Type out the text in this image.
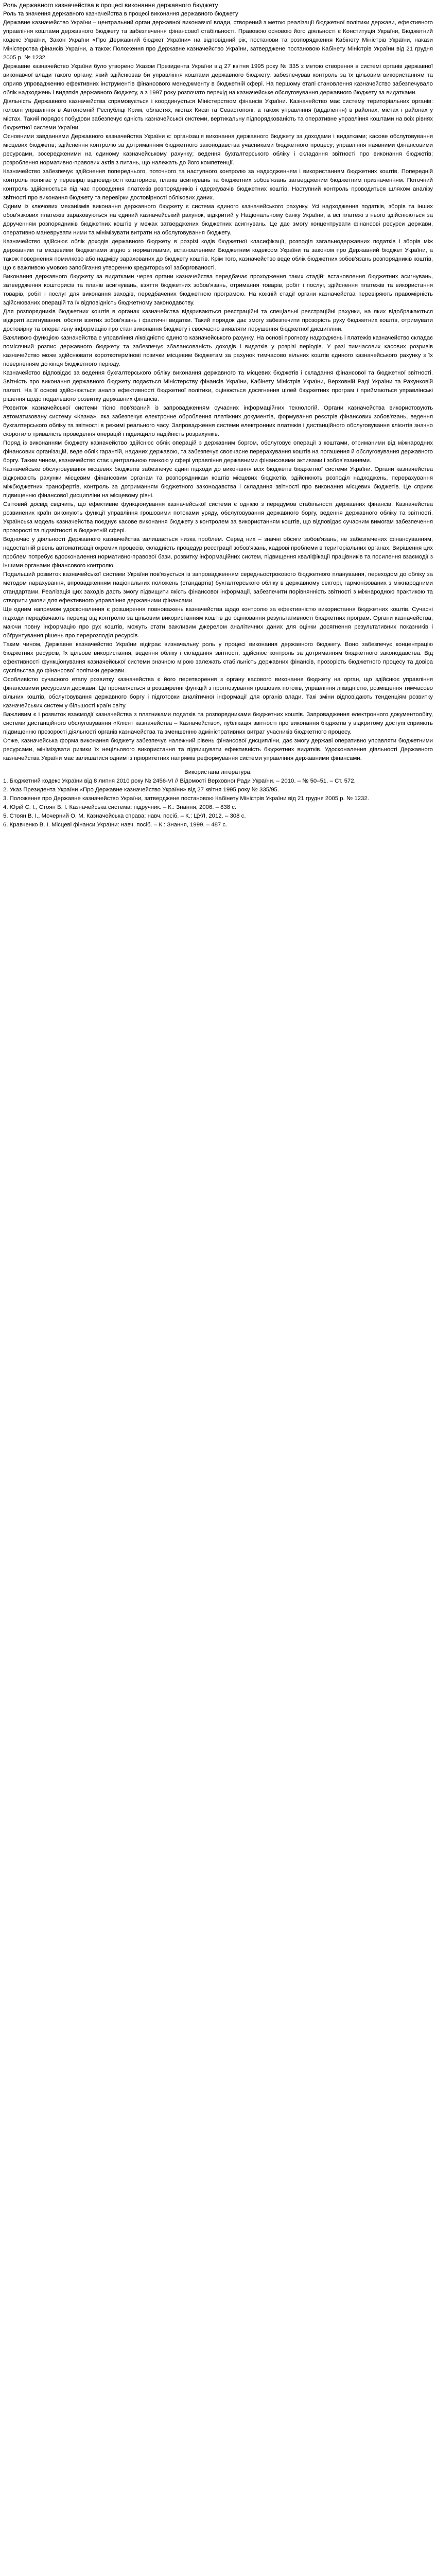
Роль державного казначейства в процесі виконання державного бюджету

Роль та значення державного казначейства в процесі виконання державного бюджету

Державне казначейство України – центральний орган державної виконавчої влади, створений з метою реалізації бюджетної політики держави, ефективного управління коштами державного бюджету та забезпечення фінансової стабільності. Правовою основою його діяльності є Конституція України, Бюджетний кодекс України, Закон України «Про Державний бюджет України» на відповідний рік, постанови та розпорядження Кабінету Міністрів України, накази Міністерства фінансів України, а також Положення про Державне казначейство України, затверджене постановою Кабінету Міністрів України від 21 грудня 2005 р. № 1232.

Державне казначейство України було утворено Указом Президента України від 27 квітня 1995 року № 335 з метою створення в системі органів державної виконавчої влади такого органу, який здійснював би управління коштами державного бюджету, забезпечував контроль за їх цільовим використанням та сприяв упровадженню ефективних інструментів фінансового менеджменту в бюджетній сфері. На першому етапі становлення казначейство забезпечувало облік надходжень і видатків державного бюджету, а з 1997 року розпочато перехід на казначейське обслуговування державного бюджету за видатками.

Діяльність Державного казначейства спрямовується і координується Міністерством фінансів України. Казначейство має систему територіальних органів: головні управління в Автономній Республіці Крим, областях, містах Києві та Севастополі, а також управління (відділення) в районах, містах і районах у містах. Такий порядок побудови забезпечує єдність казначейської системи, вертикальну підпорядкованість та оперативне управління коштами на всіх рівнях бюджетної системи України.

Основними завданнями Державного казначейства України є: організація виконання державного бюджету за доходами і видатками; касове обслуговування місцевих бюджетів; здійснення контролю за дотриманням бюджетного законодавства учасниками бюджетного процесу; управління наявними фінансовими ресурсами, зосередженими на єдиному казначейському рахунку; ведення бухгалтерського обліку і складання звітності про виконання бюджетів; розроблення нормативно-правових актів з питань, що належать до його компетенції.

Казначейство забезпечує здійснення попереднього, поточного та наступного контролю за надходженням і використанням бюджетних коштів. Попередній контроль полягає у перевірці відповідності кошторисів, планів асигнувань та бюджетних зобов'язань затвердженим бюджетним призначенням. Поточний контроль здійснюється під час проведення платежів розпорядників і одержувачів бюджетних коштів. Наступний контроль проводиться шляхом аналізу звітності про виконання бюджету та перевірки достовірності облікових даних.

Одним із ключових механізмів виконання державного бюджету є система єдиного казначейського рахунку. Усі надходження податків, зборів та інших обов'язкових платежів зараховуються на єдиний казначейський рахунок, відкритий у Національному банку України, а всі платежі з нього здійснюються за дорученням розпорядників бюджетних коштів у межах затверджених бюджетних асигнувань. Це дає змогу концентрувати фінансові ресурси держави, оперативно маневрувати ними та мінімізувати витрати на обслуговування бюджету.

Казначейство здійснює облік доходів державного бюджету в розрізі кодів бюджетної класифікації, розподіл загальнодержавних податків і зборів між державним та місцевими бюджетами згідно з нормативами, встановленими Бюджетним кодексом України та законом про Державний бюджет України, а також повернення помилково або надміру зарахованих до бюджету коштів. Крім того, казначейство веде облік бюджетних зобов'язань розпорядників коштів, що є важливою умовою запобігання утворенню кредиторської заборгованості.

Виконання державного бюджету за видатками через органи казначейства передбачає проходження таких стадій: встановлення бюджетних асигнувань, затвердження кошторисів та планів асигнувань, взяття бюджетних зобов'язань, отримання товарів, робіт і послуг, здійснення платежів та використання товарів, робіт і послуг для виконання заходів, передбачених бюджетною програмою. На кожній стадії органи казначейства перевіряють правомірність здійснюваних операцій та їх відповідність бюджетному законодавству.

Для розпорядників бюджетних коштів в органах казначейства відкриваються реєстраційні та спеціальні реєстраційні рахунки, на яких відображаються відкриті асигнування, обсяги взятих зобов'язань і фактичні видатки. Такий порядок дає змогу забезпечити прозорість руху бюджетних коштів, отримувати достовірну та оперативну інформацію про стан виконання бюджету і своєчасно виявляти порушення бюджетної дисципліни.

Важливою функцією казначейства є управління ліквідністю єдиного казначейського рахунку. На основі прогнозу надходжень і платежів казначейство складає помісячний розпис державного бюджету та забезпечує збалансованість доходів і видатків у розрізі періодів. У разі тимчасових касових розривів казначейство може здійснювати короткотермінові позички місцевим бюджетам за рахунок тимчасово вільних коштів єдиного казначейського рахунку з їх поверненням до кінця бюджетного періоду.

Казначейство відповідає за ведення бухгалтерського обліку виконання державного та місцевих бюджетів і складання фінансової та бюджетної звітності. Звітність про виконання державного бюджету подається Міністерству фінансів України, Кабінету Міністрів України, Верховній Раді України та Рахунковій палаті. На її основі здійснюється аналіз ефективності бюджетної політики, оцінюється досягнення цілей бюджетних програм і приймаються управлінські рішення щодо подальшого розвитку державних фінансів.

Розвиток казначейської системи тісно пов'язаний із запровадженням сучасних інформаційних технологій. Органи казначейства використовують автоматизовану систему «Казна», яка забезпечує електронне оброблення платіжних документів, формування реєстрів фінансових зобов'язань, ведення бухгалтерського обліку та звітності в режимі реального часу. Запровадження системи електронних платежів і дистанційного обслуговування клієнтів значно скоротило тривалість проведення операцій і підвищило надійність розрахунків.

Поряд із виконанням бюджету казначейство здійснює облік операцій з державним боргом, обслуговує операції з коштами, отриманими від міжнародних фінансових організацій, веде облік гарантій, наданих державою, та забезпечує своєчасне перерахування коштів на погашення й обслуговування державного боргу. Таким чином, казначейство стає центральною ланкою у сфері управління державними фінансовими активами і зобов'язаннями.

Казначейське обслуговування місцевих бюджетів забезпечує єдині підходи до виконання всіх бюджетів бюджетної системи України. Органи казначейства відкривають рахунки місцевим фінансовим органам та розпорядникам коштів місцевих бюджетів, здійснюють розподіл надходжень, перерахування міжбюджетних трансфертів, контроль за дотриманням бюджетного законодавства і складання звітності про виконання місцевих бюджетів. Це сприяє підвищенню фінансової дисципліни на місцевому рівні.

Світовий досвід свідчить, що ефективне функціонування казначейської системи є однією з передумов стабільності державних фінансів. Казначейства розвинених країн виконують функції управління грошовими потоками уряду, обслуговування державного боргу, ведення державного обліку та звітності. Українська модель казначейства поєднує касове виконання бюджету з контролем за використанням коштів, що відповідає сучасним вимогам забезпечення прозорості та підзвітності в бюджетній сфері.

Водночас у діяльності Державного казначейства залишається низка проблем. Серед них – значні обсяги зобов'язань, не забезпечених фінансуванням, недостатній рівень автоматизації окремих процесів, складність процедур реєстрації зобов'язань, кадрові проблеми в територіальних органах. Вирішення цих проблем потребує вдосконалення нормативно-правової бази, розвитку інформаційних систем, підвищення кваліфікації працівників та посилення взаємодії з іншими органами фінансового контролю.

Подальший розвиток казначейської системи України пов'язується із запровадженням середньострокового бюджетного планування, переходом до обліку за методом нарахування, впровадженням національних положень (стандартів) бухгалтерського обліку в державному секторі, гармонізованих з міжнародними стандартами. Реалізація цих заходів дасть змогу підвищити якість фінансової інформації, забезпечити порівнянність звітності з міжнародною практикою та створити умови для ефективного управління державними фінансами.

Ще одним напрямом удосконалення є розширення повноважень казначейства щодо контролю за ефективністю використання бюджетних коштів. Сучасні підходи передбачають перехід від контролю за цільовим використанням коштів до оцінювання результативності бюджетних програм. Органи казначейства, маючи повну інформацію про рух коштів, можуть стати важливим джерелом аналітичних даних для оцінки досягнення результативних показників і обґрунтування рішень про перерозподіл ресурсів.

Таким чином, Державне казначейство України відіграє визначальну роль у процесі виконання державного бюджету. Воно забезпечує концентрацію бюджетних ресурсів, їх цільове використання, ведення обліку і складання звітності, здійснює контроль за дотриманням бюджетного законодавства. Від ефективності функціонування казначейської системи значною мірою залежать стабільність державних фінансів, прозорість бюджетного процесу та довіра суспільства до фінансової політики держави.

Особливістю сучасного етапу розвитку казначейства є його перетворення з органу касового виконання бюджету на орган, що здійснює управління фінансовими ресурсами держави. Це проявляється в розширенні функцій з прогнозування грошових потоків, управління ліквідністю, розміщення тимчасово вільних коштів, обслуговування державного боргу і підготовки аналітичної інформації для органів влади. Такі зміни відповідають тенденціям розвитку казначейських систем у більшості країн світу.

Важливим є і розвиток взаємодії казначейства з платниками податків та розпорядниками бюджетних коштів. Запровадження електронного документообігу, системи дистанційного обслуговування «Клієнт казначейства – Казначейство», публікація звітності про виконання бюджетів у відкритому доступі сприяють підвищенню прозорості діяльності органів казначейства та зменшенню адміністративних витрат учасників бюджетного процесу.

Отже, казначейська форма виконання бюджету забезпечує належний рівень фінансової дисципліни, дає змогу державі оперативно управляти бюджетними ресурсами, мінімізувати ризики їх нецільового використання та підвищувати ефективність бюджетних видатків. Удосконалення діяльності Державного казначейства України має залишатися одним із пріоритетних напрямів реформування системи управління державними фінансами.

Використана література:

1. Бюджетний кодекс України від 8 липня 2010 року № 2456-VI // Відомості Верховної Ради України. – 2010. – № 50–51. – Ст. 572.

2. Указ Президента України «Про Державне казначейство України» від 27 квітня 1995 року № 335/95.

3. Положення про Державне казначейство України, затверджене постановою Кабінету Міністрів України від 21 грудня 2005 р. № 1232.

4. Юрій С. І., Стоян В. І. Казначейська система: підручник. – К.: Знання, 2006. – 838 с.

5. Стоян В. І., Мочерний О. М. Казначейська справа: навч. посіб. – К.: ЦУЛ, 2012. – 308 с.

6. Кравченко В. І. Місцеві фінанси України: навч. посіб. – К.: Знання, 1999. – 487 с.
